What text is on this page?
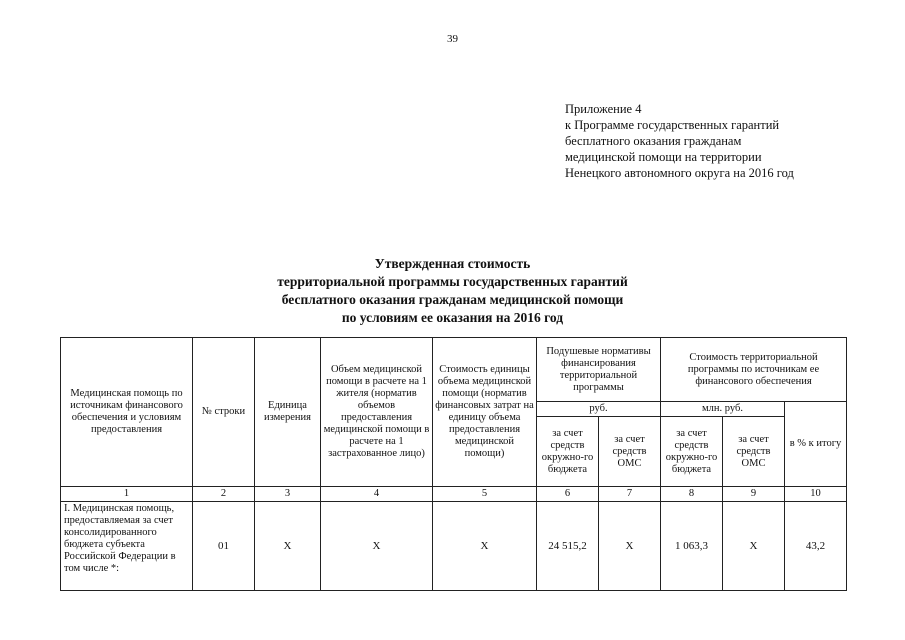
39
Приложение 4
к Программе государственных гарантий
бесплатного оказания гражданам
медицинской помощи на территории
Ненецкого автономного округа на 2016 год
Утвержденная стоимость
территориальной программы государственных гарантий
бесплатного оказания гражданам медицинской помощи
по условиям ее оказания на 2016 год
Медицинская помощь по источникам финансового обеспечения и условиям предоставления	№ строки	Единица измерения	Объем медицинской помощи в расчете на 1 жителя (норматив объемов предоставления медицинской помощи в расчете на 1 застрахованное лицо)	Стоимость единицы объема медицинской помощи (норматив финансовых затрат на единицу объема предоставления медицинской помощи)	Подушевые нормативы финансирования территориальной программы		Стоимость территориальной программы по источникам ее финансового обеспечения		
					руб.		млн. руб.		в % к итогу
					за счет средств окружно-го бюджета	за счет средств ОМС	за счет средств окружно-го бюджета	за счет средств ОМС	
1	2	3	4	5	6	7	8	9	10
I. Медицинская помощь, предоставляемая за счет консолидированного бюджета субъекта Российской Федерации в том числе *:	01	Х	Х	Х	24 515,2	Х	1 063,3	Х	43,2
